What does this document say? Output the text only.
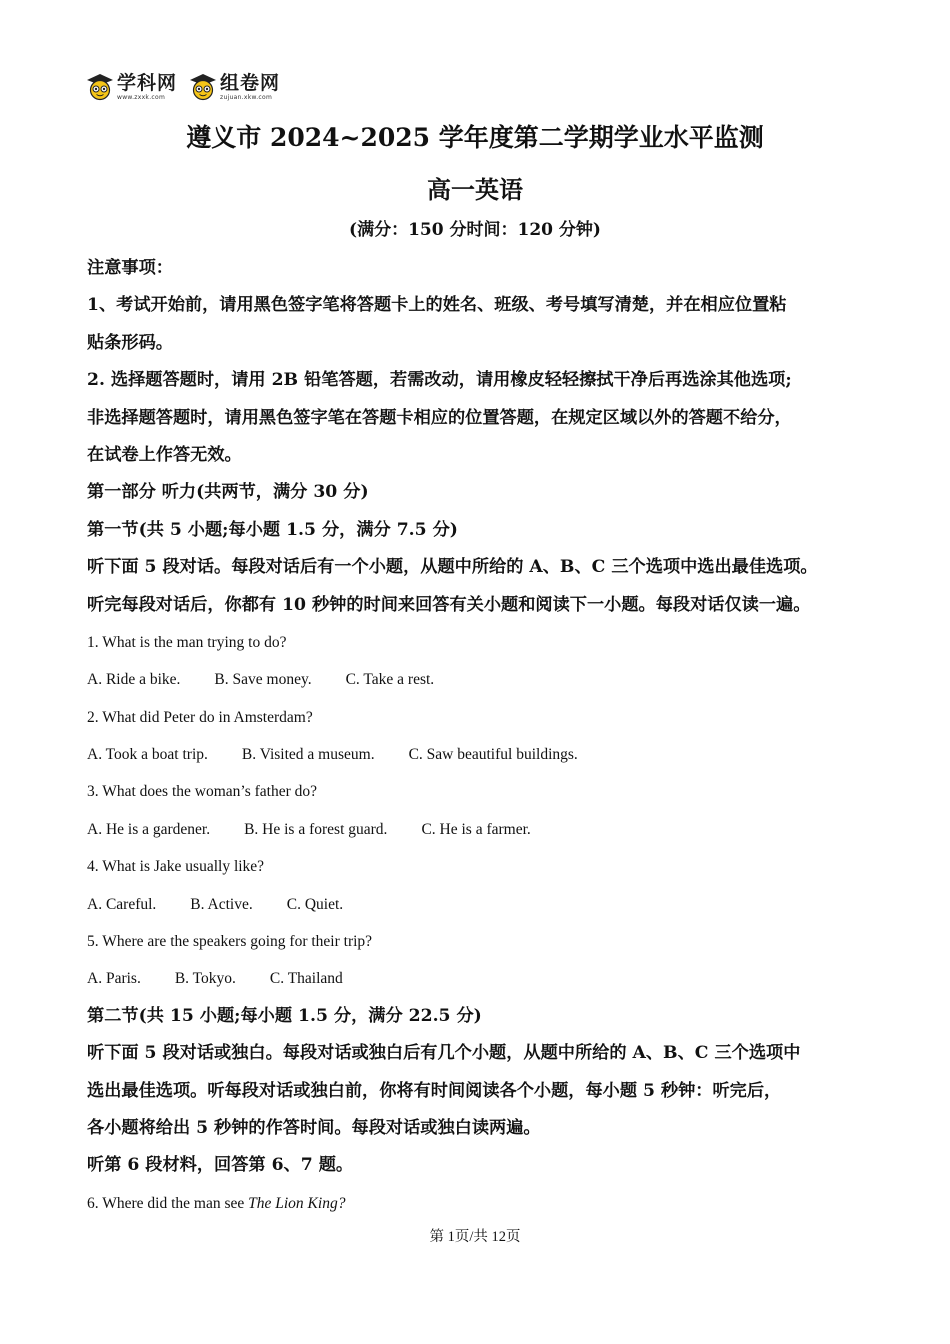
学科网
www.zxxk.com
组卷网
zujuan.xkw.com
遵义市 2024~2025 学年度第二学期学业水平监测
高一英语
(满分：150 分时间：120 分钟)
注意事项：
1、考试开始前，请用黑色签字笔将答题卡上的姓名、班级、考号填写清楚，并在相应位置粘
贴条形码。
2. 选择题答题时，请用 2B 铅笔答题，若需改动，请用橡皮轻轻擦拭干净后再选涂其他选项;
非选择题答题时，请用黑色签字笔在答题卡相应的位置答题，在规定区域以外的答题不给分，
在试卷上作答无效。
第一部分 听力(共两节，满分 30 分)
第一节(共 5 小题;每小题 1.5 分，满分 7.5 分)
听下面 5 段对话。每段对话后有一个小题，从题中所给的 A、B、C 三个选项中选出最佳选项。
听完每段对话后，你都有 10 秒钟的时间来回答有关小题和阅读下一小题。每段对话仅读一遍。
1. What is the man trying to do?
A. Ride a bike. B. Save money. C. Take a rest.
2. What did Peter do in Amsterdam?
A. Took a boat trip. B. Visited a museum. C. Saw beautiful buildings.
3. What does the woman’s father do?
A. He is a gardener. B. He is a forest guard. C. He is a farmer.
4. What is Jake usually like?
A. Careful. B. Active. C. Quiet.
5. Where are the speakers going for their trip?
A. Paris. B. Tokyo. C. Thailand
第二节(共 15 小题;每小题 1.5 分，满分 22.5 分)
听下面 5 段对话或独白。每段对话或独白后有几个小题，从题中所给的 A、B、C 三个选项中
选出最佳选项。听每段对话或独白前，你将有时间阅读各个小题，每小题 5 秒钟：听完后，
各小题将给出 5 秒钟的作答时间。每段对话或独白读两遍。
听第 6 段材料，回答第 6、7 题。
6. Where did the man see The Lion King?
第 1页/共 12页
